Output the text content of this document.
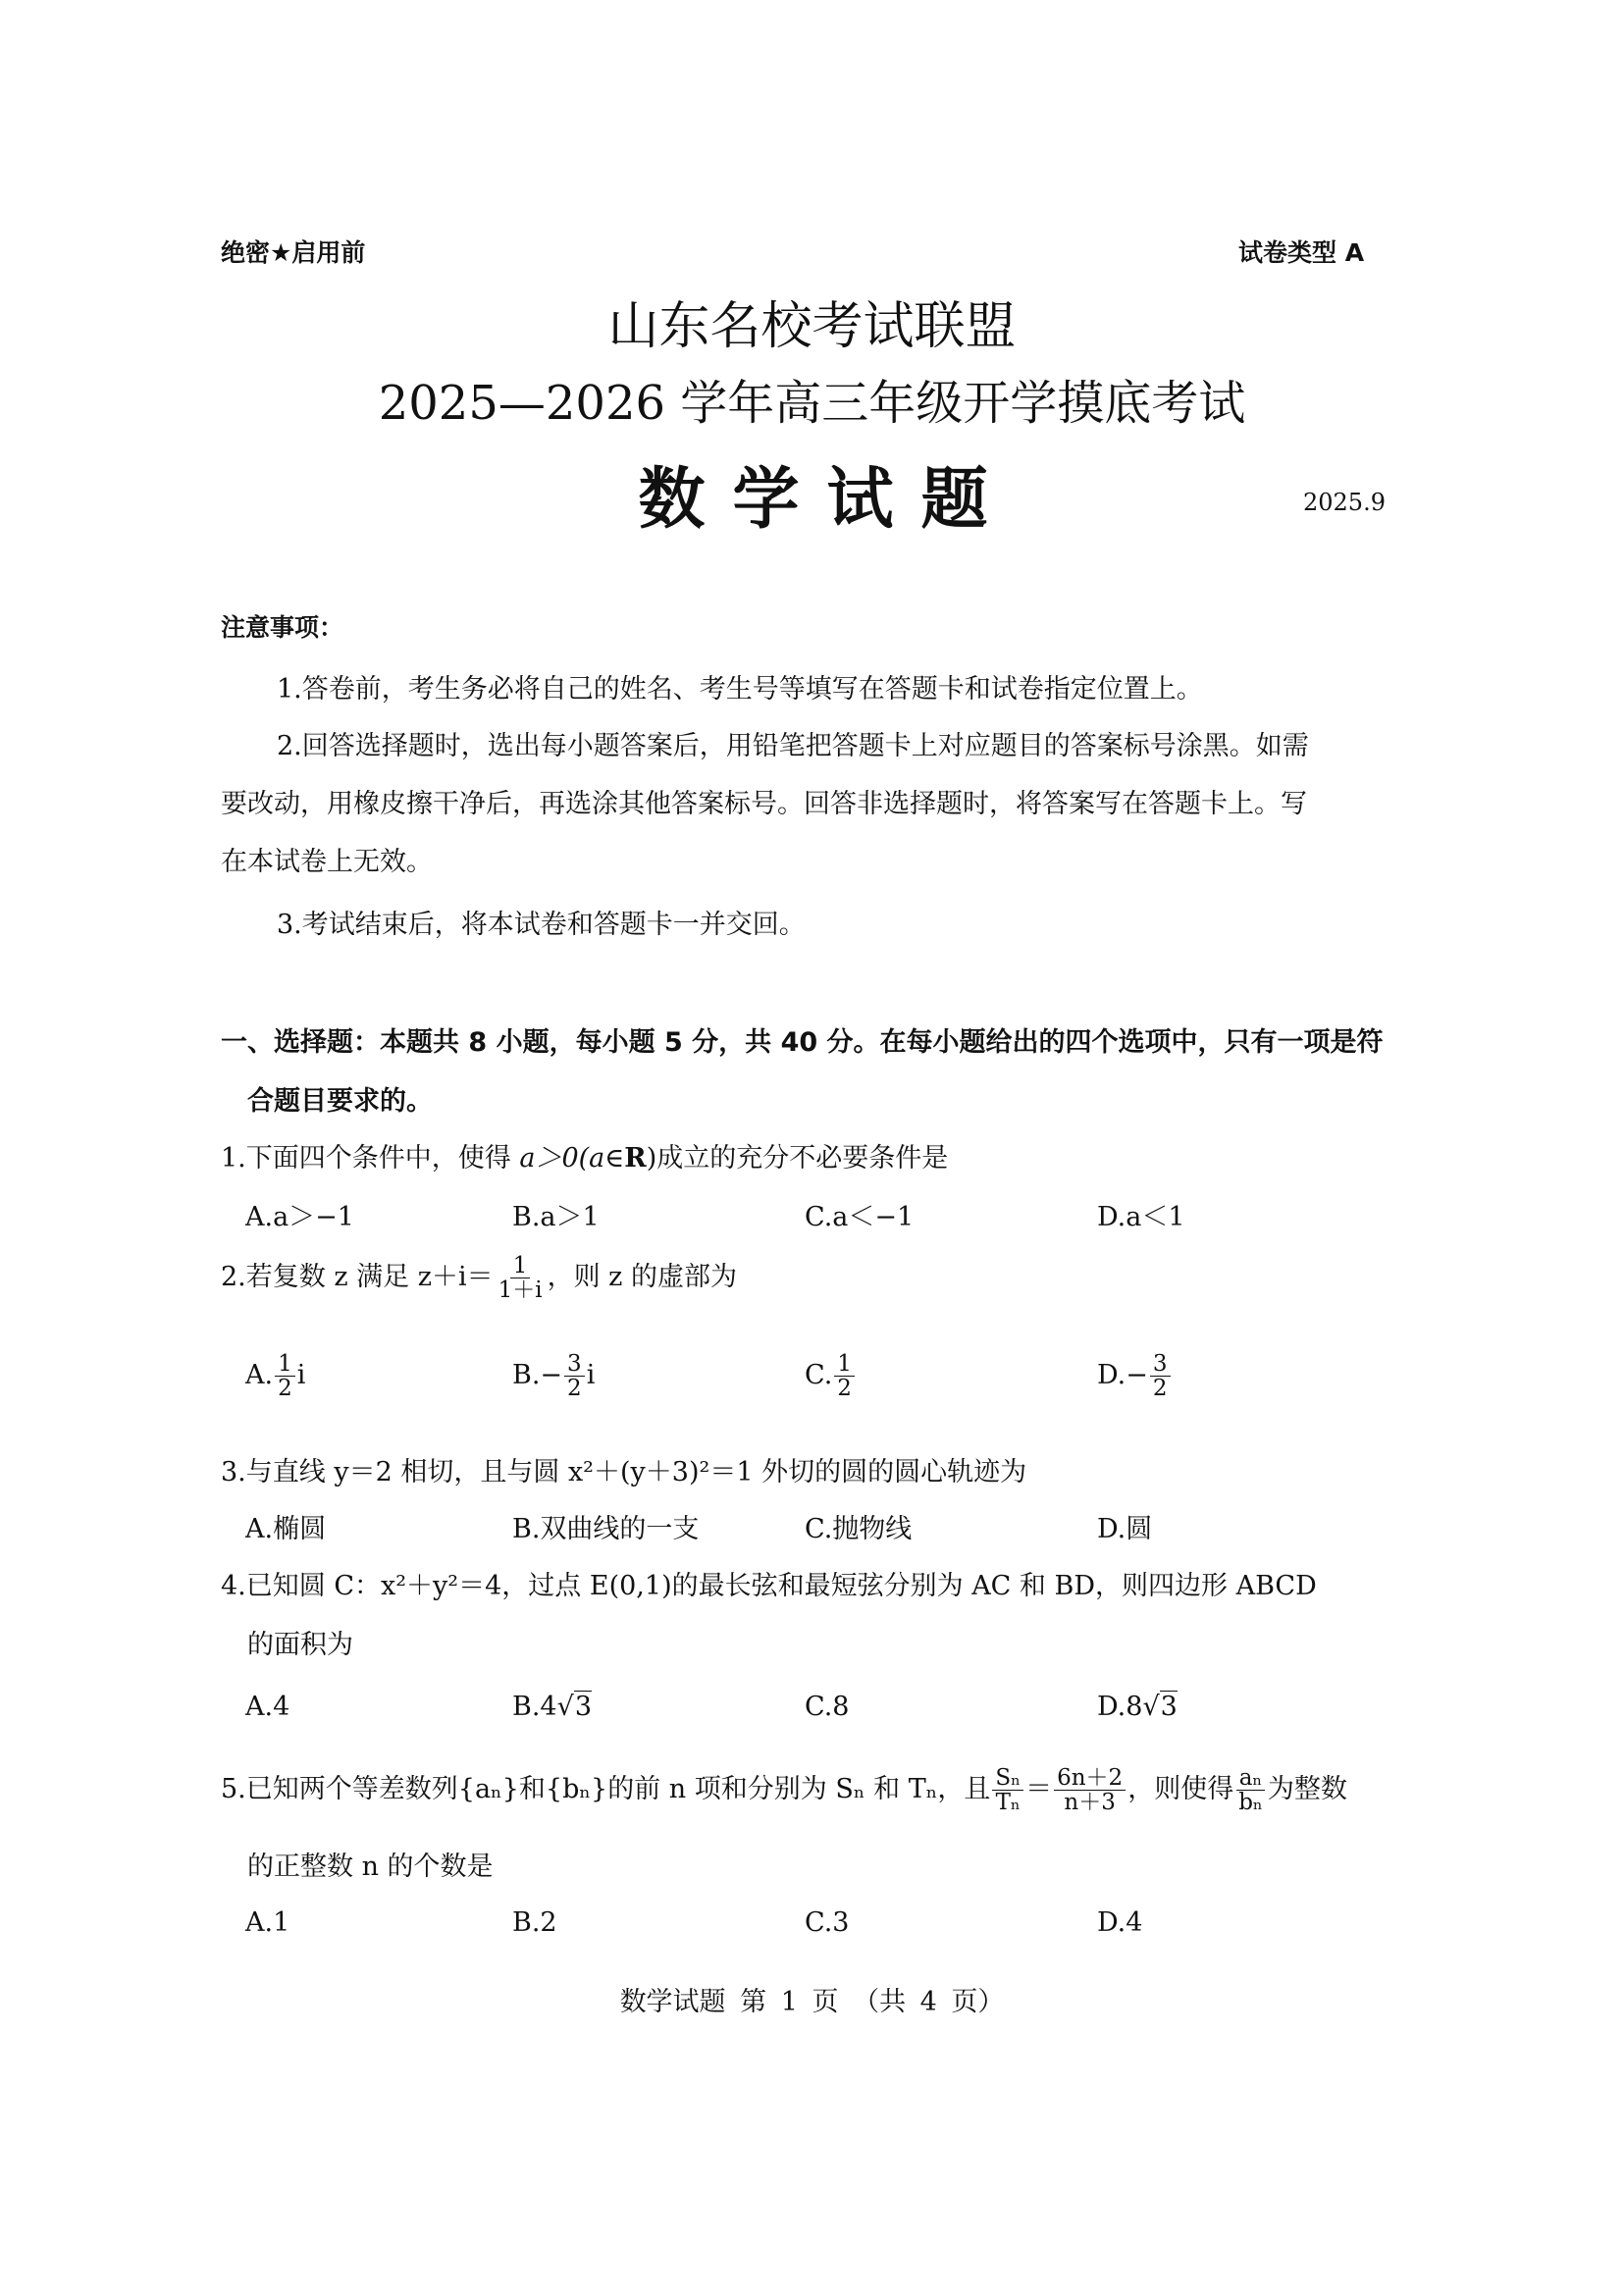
绝密★启用前	试卷类型 A
山东名校考试联盟
2025—2026 学年高三年级开学摸底考试
数学试题	2025.9
注意事项：
1.答卷前，考生务必将自己的姓名、考生号等填写在答题卡和试卷指定位置上。
2.回答选择题时，选出每小题答案后，用铅笔把答题卡上对应题目的答案标号涂黑。如需
要改动，用橡皮擦干净后，再选涂其他答案标号。回答非选择题时，将答案写在答题卡上。写
在本试卷上无效。
3.考试结束后，将本试卷和答题卡一并交回。
一、选择题：本题共 8 小题，每小题 5 分，共 40 分。在每小题给出的四个选项中，只有一项是符
合题目要求的。
1.下面四个条件中，使得 a＞0(a∈R)成立的充分不必要条件是
A.a＞−1	B.a＞1	C.a＜−1	D.a＜1
2.若复数 z 满足 $z+i= \frac{1}{1+i}$ ，则 z 的虚部为
A. $\frac{1}{2}$ i	$B.- \frac{3}{2}$ i	C. $\frac{1}{2}$	$D.- \frac{3}{2}$
3.与直线 y＝2 相切，且与圆 x²＋(y＋3)²＝1 外切的圆的圆心轨迹为
A.椭圆	B.双曲线的一支	C.抛物线	D.圆
4.已知圆 C：x²＋y²＝4，过点 E(0,1)的最长弦和最短弦分别为 AC 和 BD，则四边形 ABCD
的面积为
A.4	B.4√3	C.8	D.8√3
5.已知两个等差数列{aₙ}和{bₙ}的前 n 项和分别为 Sₙ 和 Tₙ，且 $\frac{\text{Sₙ}}{\text{Tₙ}} = \frac{6n+2}{n+3}$ ，则使得 $\frac{\text{aₙ}}{\text{bₙ}}$ 为整数
的正整数 n 的个数是
A.1	B.2	C.3	D.4
数学试题 第 1 页 （共 4 页）
